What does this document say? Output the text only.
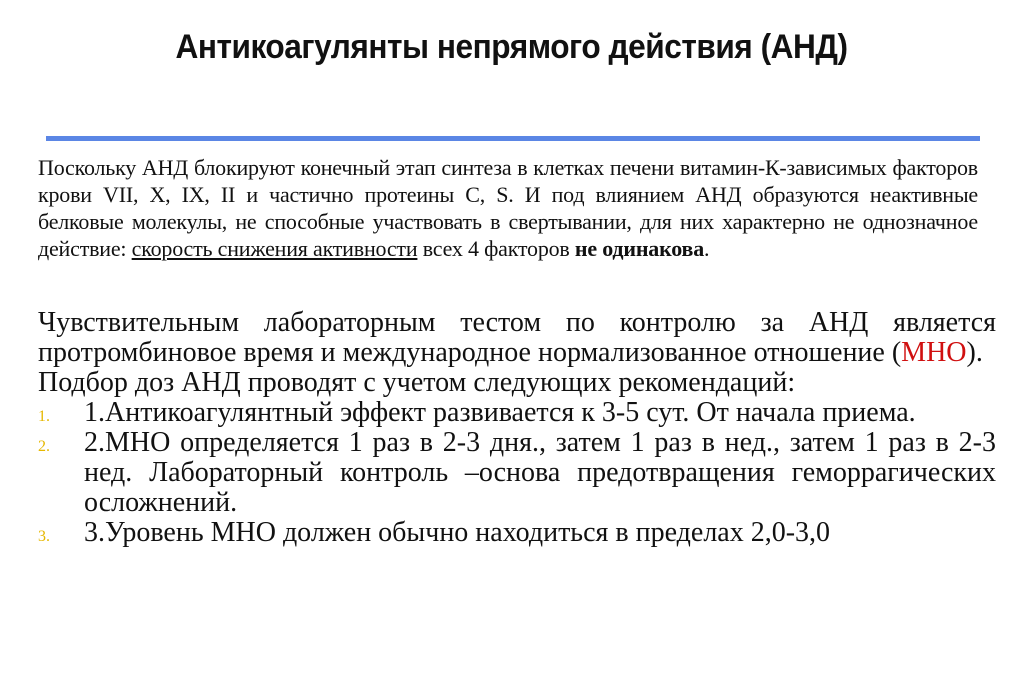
Антикоагулянты непрямого действия (АНД)
Поскольку АНД блокируют конечный этап синтеза в клетках печени витамин-К-зависимых факторов крови VII, X, IX, II и частично протеины С, S. И под влиянием АНД образуются неактивные белковые молекулы, не способные участвовать в свертывании, для них характерно не однозначное действие: скорость снижения активности всех 4 факторов не одинакова.

Чувствительным лабораторным тестом по контролю за АНД является протромбиновое время и международное нормализованное отношение (МНО).

Подбор доз АНД проводят с учетом следующих рекомендаций:

1. 1.Антикоагулянтный эффект развивается к 3-5 сут. От начала приема.
2. 2.МНО определяется 1 раз в 2-3 дня., затем 1 раз в нед., затем 1 раз в 2-3 нед. Лабораторный контроль –основа предотвращения геморрагических осложнений.
3. 3.Уровень МНО должен обычно находиться в пределах 2,0-3,0
